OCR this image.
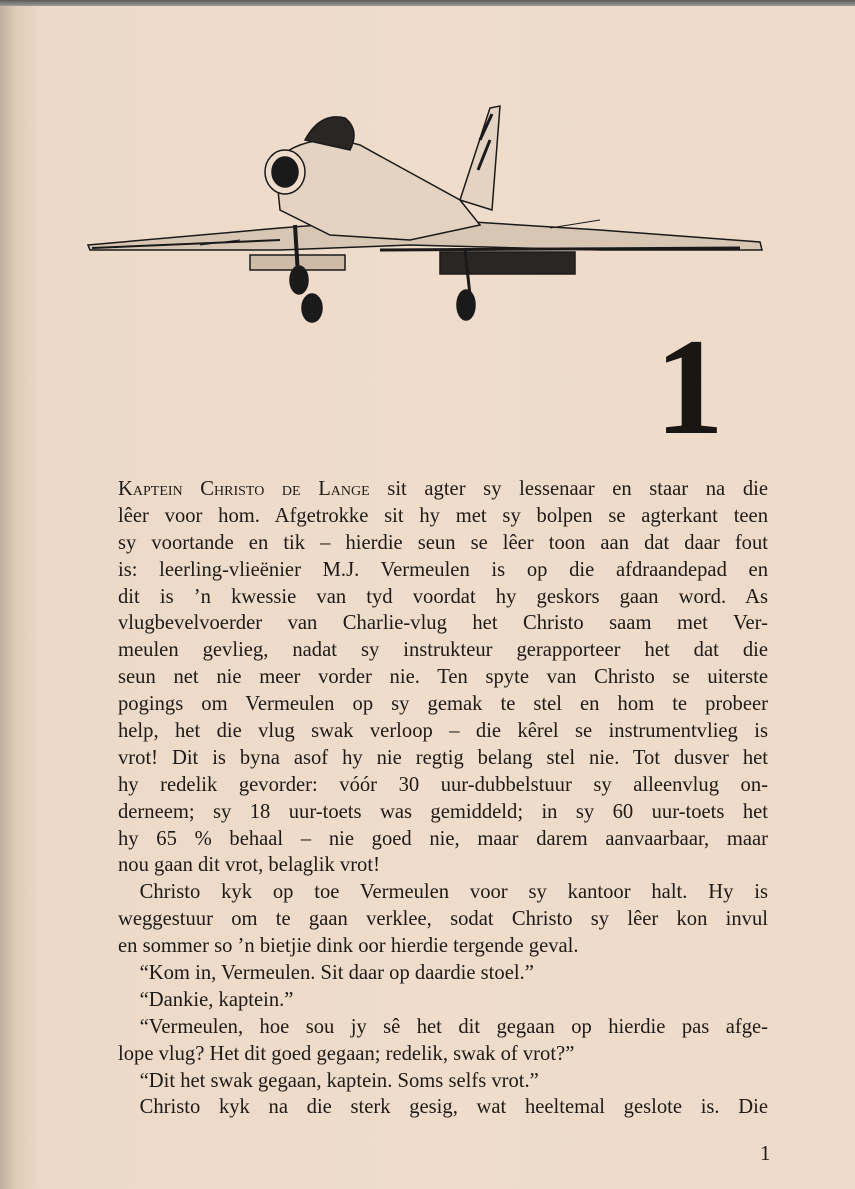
1
Kaptein Christo de Lange sit agter sy lessenaar en staar na die
lêer voor hom. Afgetrokke sit hy met sy bolpen se agterkant teen
sy voortande en tik – hierdie seun se lêer toon aan dat daar fout
is: leerling-vlieënier M.J. Vermeulen is op die afdraandepad en
dit is ’n kwessie van tyd voordat hy geskors gaan word. As
vlugbevelvoerder van Charlie-vlug het Christo saam met Ver-
meulen gevlieg, nadat sy instrukteur gerapporteer het dat die
seun net nie meer vorder nie. Ten spyte van Christo se uiterste
pogings om Vermeulen op sy gemak te stel en hom te probeer
help, het die vlug swak verloop – die kêrel se instrumentvlieg is
vrot! Dit is byna asof hy nie regtig belang stel nie. Tot dusver het
hy redelik gevorder: vóór 30 uur-dubbelstuur sy alleenvlug on-
derneem; sy 18 uur-toets was gemiddeld; in sy 60 uur-toets het
hy 65 % behaal – nie goed nie, maar darem aanvaarbaar, maar
nou gaan dit vrot, belaglik vrot!
Christo kyk op toe Vermeulen voor sy kantoor halt. Hy is
weggestuur om te gaan verklee, sodat Christo sy lêer kon invul
en sommer so ’n bietjie dink oor hierdie tergende geval.
“Kom in, Vermeulen. Sit daar op daardie stoel.”
“Dankie, kaptein.”
“Vermeulen, hoe sou jy sê het dit gegaan op hierdie pas afge-
lope vlug? Het dit goed gegaan; redelik, swak of vrot?”
“Dit het swak gegaan, kaptein. Soms selfs vrot.”
Christo kyk na die sterk gesig, wat heeltemal geslote is. Die
1
